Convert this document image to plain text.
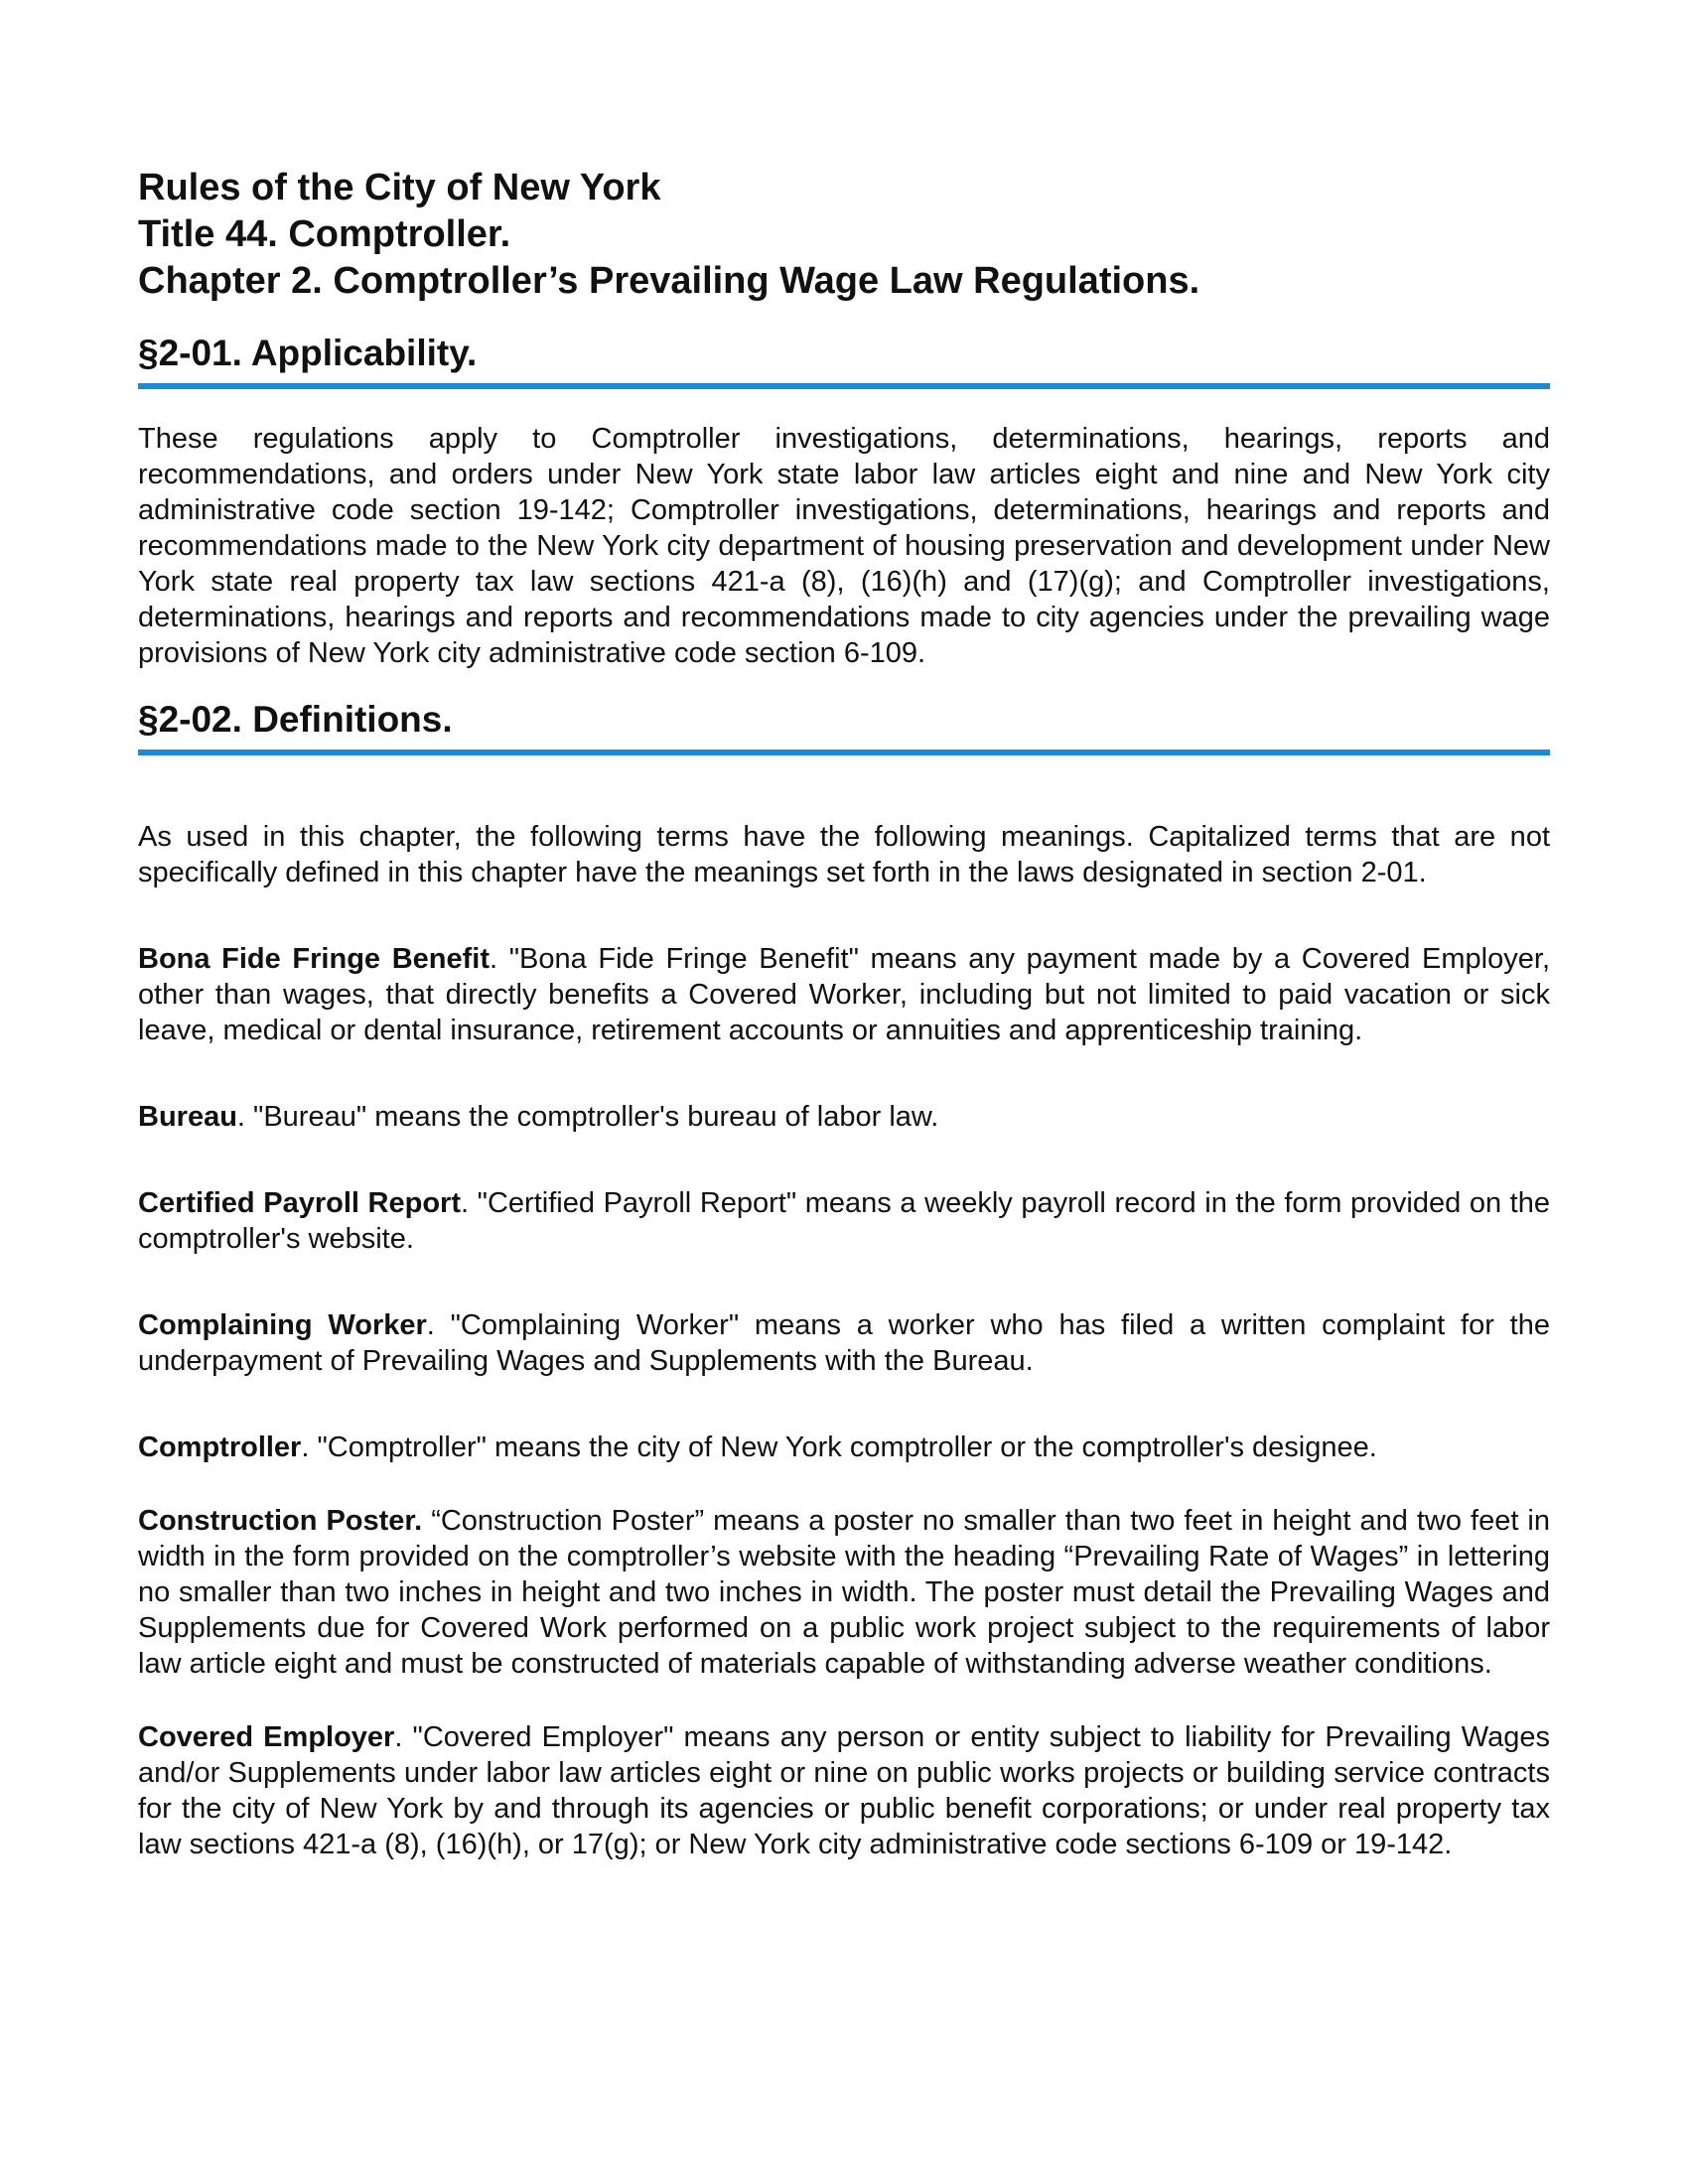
Rules of the City of New York
Title 44. Comptroller.
Chapter 2. Comptroller’s Prevailing Wage Law Regulations.
§2-01. Applicability.

These regulations apply to Comptroller investigations, determinations, hearings, reports and recommendations, and orders under New York state labor law articles eight and nine and New York city administrative code section 19-142; Comptroller investigations, determinations, hearings and reports and recommendations made to the New York city department of housing preservation and development under New York state real property tax law sections 421-a (8), (16)(h) and (17)(g); and Comptroller investigations, determinations, hearings and reports and recommendations made to city agencies under the prevailing wage provisions of New York city administrative code section 6-109.

§2-02. Definitions.

As used in this chapter, the following terms have the following meanings. Capitalized terms that are not specifically defined in this chapter have the meanings set forth in the laws designated in section 2-01.

Bona Fide Fringe Benefit. "Bona Fide Fringe Benefit" means any payment made by a Covered Employer, other than wages, that directly benefits a Covered Worker, including but not limited to paid vacation or sick leave, medical or dental insurance, retirement accounts or annuities and apprenticeship training.

Bureau. "Bureau" means the comptroller's bureau of labor law.

Certified Payroll Report. "Certified Payroll Report" means a weekly payroll record in the form provided on the comptroller's website.

Complaining Worker. "Complaining Worker" means a worker who has filed a written complaint for the underpayment of Prevailing Wages and Supplements with the Bureau.

Comptroller. "Comptroller" means the city of New York comptroller or the comptroller's designee.

Construction Poster. “Construction Poster” means a poster no smaller than two feet in height and two feet in width in the form provided on the comptroller’s website with the heading “Prevailing Rate of Wages” in lettering no smaller than two inches in height and two inches in width. The poster must detail the Prevailing Wages and Supplements due for Covered Work performed on a public work project subject to the requirements of labor law article eight and must be constructed of materials capable of withstanding adverse weather conditions.

Covered Employer. "Covered Employer" means any person or entity subject to liability for Prevailing Wages and/or Supplements under labor law articles eight or nine on public works projects or building service contracts for the city of New York by and through its agencies or public benefit corporations; or under real property tax law sections 421-a (8), (16)(h), or 17(g); or New York city administrative code sections 6-109 or 19-142.
